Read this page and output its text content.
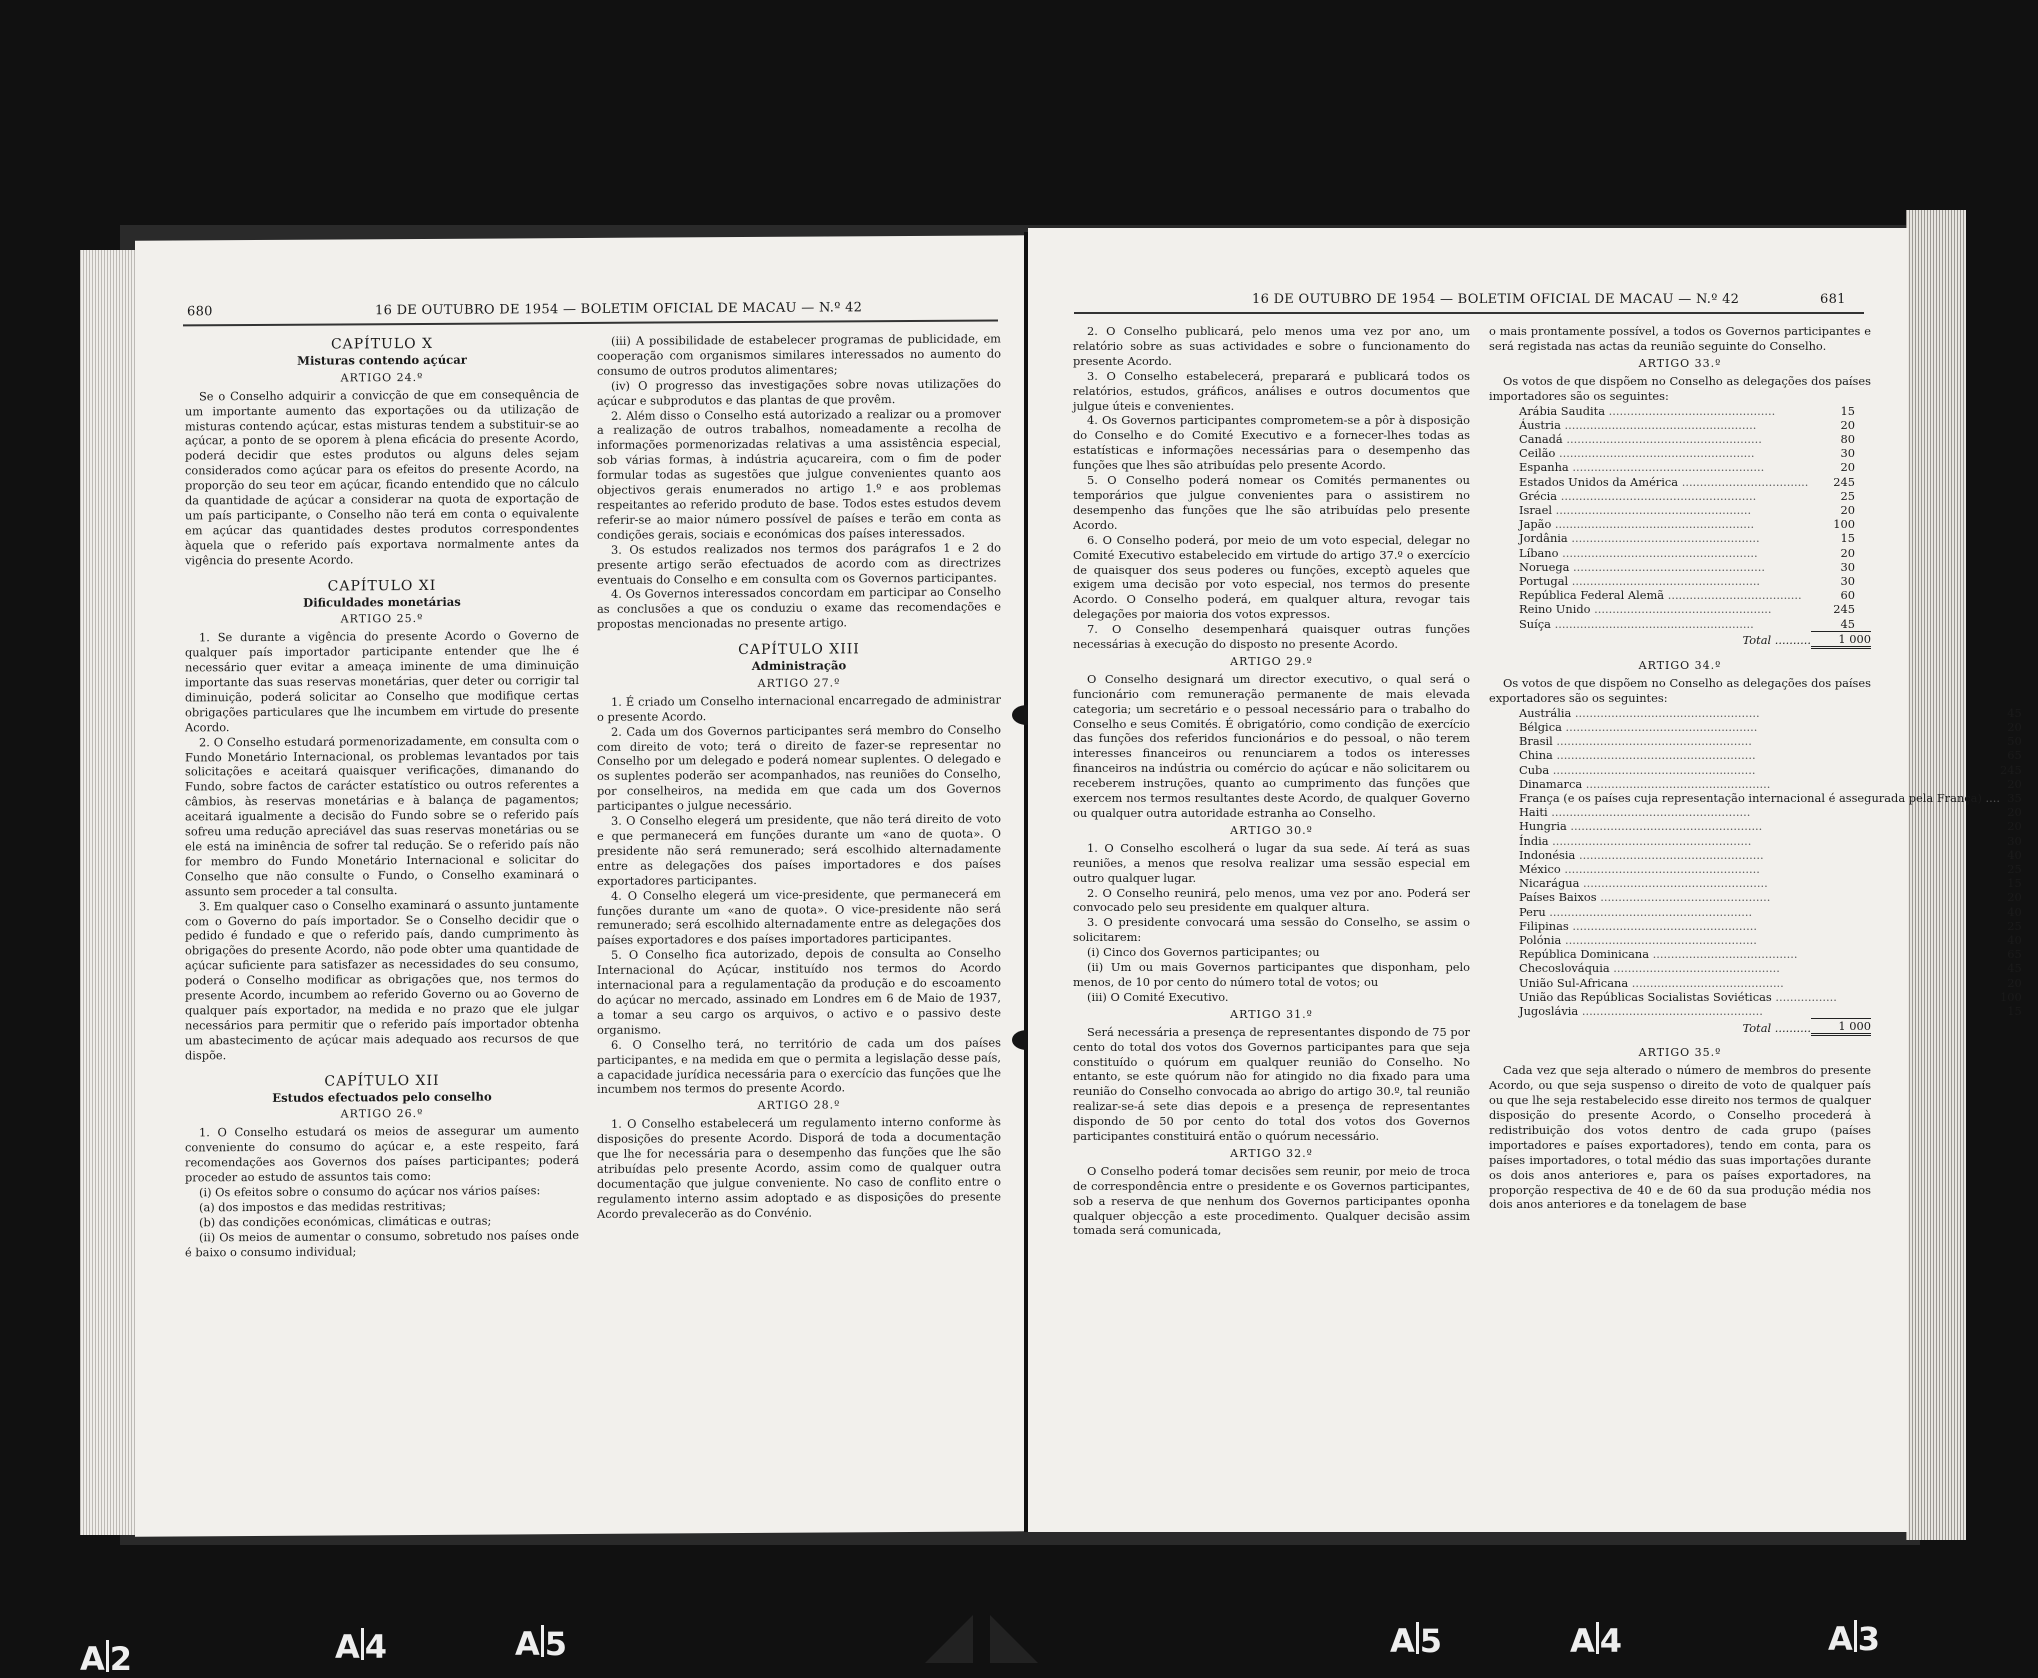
680	16 DE OUTUBRO DE 1954 — BOLETIM OFICIAL DE MACAU — N.º 42
CAPÍTULO X
Misturas contendo açúcar
ARTIGO 24.º

Se o Conselho adquirir a convicção de que em consequência de um importante aumento das exportações ou da utilização de misturas contendo açúcar, estas misturas tendem a substituir-se ao açúcar, a ponto de se oporem à plena eficácia do presente Acordo, poderá decidir que estes produtos ou alguns deles sejam considerados como açúcar para os efeitos do presente Acordo, na proporção do seu teor em açúcar, ficando entendido que no cálculo da quantidade de açúcar a considerar na quota de exportação de um país participante, o Conselho não terá em conta o equivalente em açúcar das quantidades destes produtos correspondentes àquela que o referido país exportava normalmente antes da vigência do presente Acordo.

CAPÍTULO XI
Dificuldades monetárias
ARTIGO 25.º

1. Se durante a vigência do presente Acordo o Governo de qualquer país importador participante entender que lhe é necessário quer evitar a ameaça iminente de uma diminuição importante das suas reservas monetárias, quer deter ou corrigir tal diminuição, poderá solicitar ao Conselho que modifique certas obrigações particulares que lhe incumbem em virtude do presente Acordo.

2. O Conselho estudará pormenorizadamente, em consulta com o Fundo Monetário Internacional, os problemas levantados por tais solicitações e aceitará quaisquer verificações, dimanando do Fundo, sobre factos de carácter estatístico ou outros referentes a câmbios, às reservas monetárias e à balança de pagamentos; aceitará igualmente a decisão do Fundo sobre se o referido país sofreu uma redução apreciável das suas reservas monetárias ou se ele está na iminência de sofrer tal redução. Se o referido país não for membro do Fundo Monetário Internacional e solicitar do Conselho que não consulte o Fundo, o Conselho examinará o assunto sem proceder a tal consulta.

3. Em qualquer caso o Conselho examinará o assunto juntamente com o Governo do país importador. Se o Conselho decidir que o pedido é fundado e que o referido país, dando cumprimento às obrigações do presente Acordo, não pode obter uma quantidade de açúcar suficiente para satisfazer as necessidades do seu consumo, poderá o Conselho modificar as obrigações que, nos termos do presente Acordo, incumbem ao referido Governo ou ao Governo de qualquer país exportador, na medida e no prazo que ele julgar necessários para permitir que o referido país importador obtenha um abastecimento de açúcar mais adequado aos recursos de que dispõe.

CAPÍTULO XII
Estudos efectuados pelo conselho
ARTIGO 26.º

1. O Conselho estudará os meios de assegurar um aumento conveniente do consumo do açúcar e, a este respeito, fará recomendações aos Governos dos países participantes; poderá proceder ao estudo de assuntos tais como:

(i) Os efeitos sobre o consumo do açúcar nos vários países:

(a) dos impostos e das medidas restritivas;

(b) das condições económicas, climáticas e outras;

(ii) Os meios de aumentar o consumo, sobretudo nos países onde é baixo o consumo individual;

(iii) A possibilidade de estabelecer programas de publicidade, em cooperação com organismos similares interessados no aumento do consumo de outros produtos alimentares;

(iv) O progresso das investigações sobre novas utilizações do açúcar e subprodutos e das plantas de que provêm.

2. Além disso o Conselho está autorizado a realizar ou a promover a realização de outros trabalhos, nomeadamente a recolha de informações pormenorizadas relativas a uma assistência especial, sob várias formas, à indústria açucareira, com o fim de poder formular todas as sugestões que julgue convenientes quanto aos objectivos gerais enumerados no artigo 1.º e aos problemas respeitantes ao referido produto de base. Todos estes estudos devem referir-se ao maior número possível de países e terão em conta as condições gerais, sociais e económicas dos países interessados.

3. Os estudos realizados nos termos dos parágrafos 1 e 2 do presente artigo serão efectuados de acordo com as directrizes eventuais do Conselho e em consulta com os Governos participantes.

4. Os Governos interessados concordam em participar ao Conselho as conclusões a que os conduziu o exame das recomendações e propostas mencionadas no presente artigo.

CAPÍTULO XIII
Administração
ARTIGO 27.º

1. É criado um Conselho internacional encarregado de administrar o presente Acordo.

2. Cada um dos Governos participantes será membro do Conselho com direito de voto; terá o direito de fazer-se representar no Conselho por um delegado e poderá nomear suplentes. O delegado e os suplentes poderão ser acompanhados, nas reuniões do Conselho, por conselheiros, na medida em que cada um dos Governos participantes o julgue necessário.

3. O Conselho elegerá um presidente, que não terá direito de voto e que permanecerá em funções durante um «ano de quota». O presidente não será remunerado; será escolhido alternadamente entre as delegações dos países importadores e dos países exportadores participantes.

4. O Conselho elegerá um vice-presidente, que permanecerá em funções durante um «ano de quota». O vice-presidente não será remunerado; será escolhido alternadamente entre as delegações dos países exportadores e dos países importadores participantes.

5. O Conselho fica autorizado, depois de consulta ao Conselho Internacional do Açúcar, instituído nos termos do Acordo internacional para a regulamentação da produção e do escoamento do açúcar no mercado, assinado em Londres em 6 de Maio de 1937, a tomar a seu cargo os arquivos, o activo e o passivo deste organismo.

6. O Conselho terá, no território de cada um dos países participantes, e na medida em que o permita a legislação desse país, a capacidade jurídica necessária para o exercício das funções que lhe incumbem nos termos do presente Acordo.

ARTIGO 28.º

1. O Conselho estabelecerá um regulamento interno conforme às disposições do presente Acordo. Disporá de toda a documentação que lhe for necessária para o desempenho das funções que lhe são atribuídas pelo presente Acordo, assim como de qualquer outra documentação que julgue conveniente. No caso de conflito entre o regulamento interno assim adoptado e as disposições do presente Acordo prevalecerão as do Convénio.

16 DE OUTUBRO DE 1954 — BOLETIM OFICIAL DE MACAU — N.º 42	681

2. O Conselho publicará, pelo menos uma vez por ano, um relatório sobre as suas actividades e sobre o funcionamento do presente Acordo.

3. O Conselho estabelecerá, preparará e publicará todos os relatórios, estudos, gráficos, análises e outros documentos que julgue úteis e convenientes.

4. Os Governos participantes comprometem-se a pôr à disposição do Conselho e do Comité Executivo e a fornecer-lhes todas as estatísticas e informações necessárias para o desempenho das funções que lhes são atribuídas pelo presente Acordo.

5. O Conselho poderá nomear os Comités permanentes ou temporários que julgue convenientes para o assistirem no desempenho das funções que lhe são atribuídas pelo presente Acordo.

6. O Conselho poderá, por meio de um voto especial, delegar no Comité Executivo estabelecido em virtude do artigo 37.º o exercício de quaisquer dos seus poderes ou funções, exceptò aqueles que exigem uma decisão por voto especial, nos termos do presente Acordo. O Conselho poderá, em qualquer altura, revogar tais delegações por maioria dos votos expressos.

7. O Conselho desempenhará quaisquer outras funções necessárias à execução do disposto no presente Acordo.

ARTIGO 29.º

O Conselho designará um director executivo, o qual será o funcionário com remuneração permanente de mais elevada categoria; um secretário e o pessoal necessário para o trabalho do Conselho e seus Comités. É obrigatório, como condição de exercício das funções dos referidos funcionários e do pessoal, o não terem interesses financeiros ou renunciarem a todos os interesses financeiros na indústria ou comércio do açúcar e não solicitarem ou receberem instruções, quanto ao cumprimento das funções que exercem nos termos resultantes deste Acordo, de qualquer Governo ou qualquer outra autoridade estranha ao Conselho.

ARTIGO 30.º

1. O Conselho escolherá o lugar da sua sede. Aí terá as suas reuniões, a menos que resolva realizar uma sessão especial em outro qualquer lugar.

2. O Conselho reunirá, pelo menos, uma vez por ano. Poderá ser convocado pelo seu presidente em qualquer altura.

3. O presidente convocará uma sessão do Conselho, se assim o solicitarem:

(i) Cinco dos Governos participantes; ou

(ii) Um ou mais Governos participantes que disponham, pelo menos, de 10 por cento do número total de votos; ou

(iii) O Comité Executivo.

ARTIGO 31.º

Será necessária a presença de representantes dispondo de 75 por cento do total dos votos dos Governos participantes para que seja constituído o quórum em qualquer reunião do Conselho. No entanto, se este quórum não for atingido no dia fixado para uma reunião do Conselho convocada ao abrigo do artigo 30.º, tal reunião realizar-se-á sete dias depois e a presença de representantes dispondo de 50 por cento do total dos votos dos Governos participantes constituirá então o quórum necessário.

ARTIGO 32.º

O Conselho poderá tomar decisões sem reunir, por meio de troca de correspondência entre o presidente e os Governos participantes, sob a reserva de que nenhum dos Governos participantes oponha qualquer objecção a este procedimento. Qualquer decisão assim tomada será comunicada,

o mais prontamente possível, a todos os Governos participantes e será registada nas actas da reunião seguinte do Conselho.

ARTIGO 33.º

Os votos de que dispõem no Conselho as delegações dos países importadores são os seguintes:

Arábia Saudita ..............................................	15
Áustria .....................................................	20
Canadá ......................................................	80
Ceilão ......................................................	30
Espanha .....................................................	20
Estados Unidos da América ...................................	245
Grécia ......................................................	25
Israel ......................................................	20
Japão .......................................................	100
Jordânia ....................................................	15
Líbano ......................................................	20
Noruega .....................................................	30
Portugal ....................................................	30
República Federal Alemã .....................................	60
Reino Unido .................................................	245
Suíça .......................................................	45
Total ..........	1 000
ARTIGO 34.º

Os votos de que dispõem no Conselho as delegações dos países exportadores são os seguintes:

Austrália ...................................................	45
Bélgica .....................................................	20
Brasil ......................................................	50
China .......................................................	65
Cuba ........................................................	245
Dinamarca ...................................................	20
França (e os países cuja representação internacional é assegurada pela França) ....	35
Haiti .......................................................	20
Hungria .....................................................	20
Índia .......................................................	30
Indonésia ...................................................	40
México ......................................................	25
Nicarágua ...................................................	15
Países Baixos ...............................................	20
Peru ........................................................	40
Filipinas ...................................................	25
Polónia .....................................................	40
República Dominicana ........................................	65
Checoslováquia ..............................................	45
União Sul-Africana ..........................................	20
União das Repúblicas Socialistas Soviéticas .................	100
Jugoslávia ..................................................	15
Total ..........	1 000
ARTIGO 35.º

Cada vez que seja alterado o número de membros do presente Acordo, ou que seja suspenso o direito de voto de qualquer país ou que lhe seja restabelecido esse direito nos termos de qualquer disposição do presente Acordo, o Conselho procederá à redistribuição dos votos dentro de cada grupo (países importadores e países exportadores), tendo em conta, para os países importadores, o total médio das suas importações durante os dois anos anteriores e, para os países exportadores, na proporção respectiva de 40 e de 60 da sua produção média nos dois anos anteriores e da tonelagem de base

A 2	A 4	A 5	A 5	A 4	A 3
